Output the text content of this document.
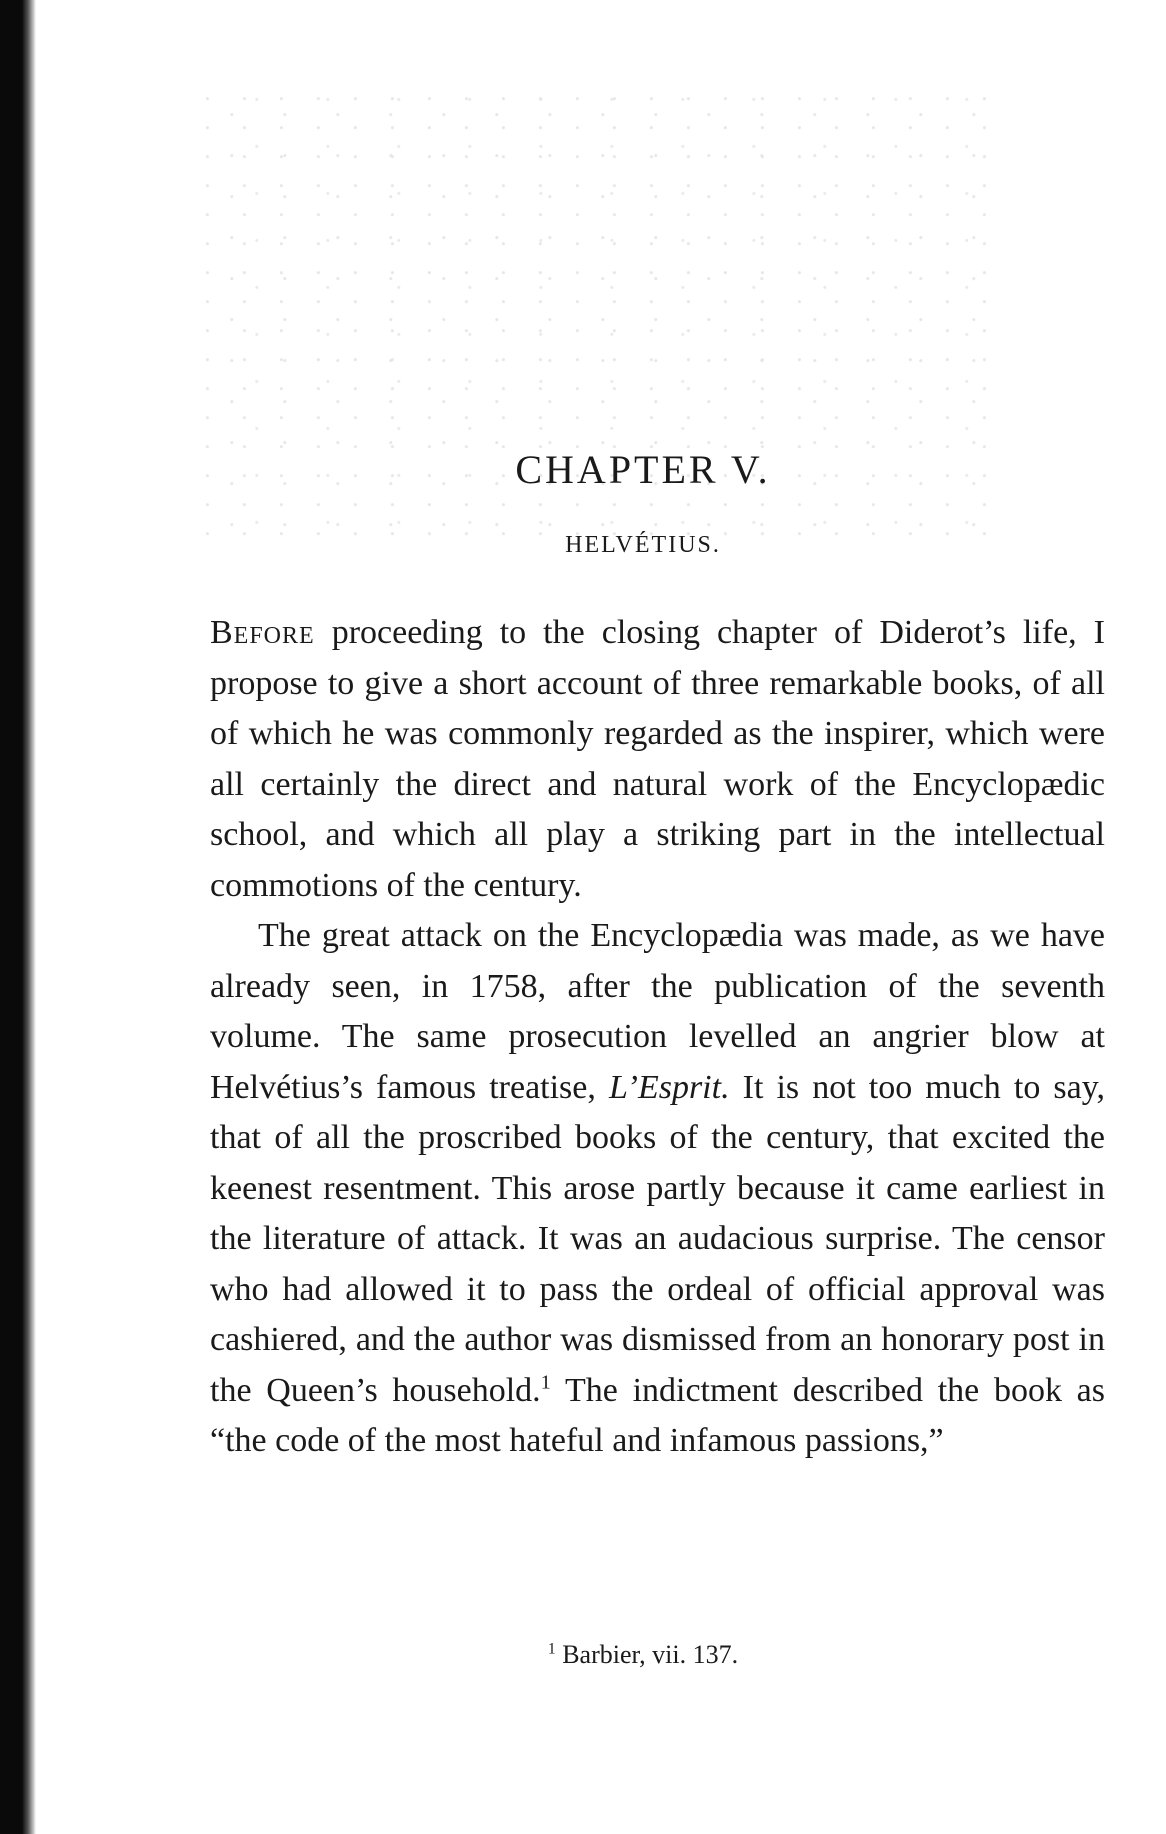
CHAPTER V.
HELVÉTIUS.

Before proceeding to the closing chapter of Diderot’s life, I propose to give a short account of three remarkable books, of all of which he was commonly regarded as the inspirer, which were all certainly the direct and natural work of the Encyclopædic school, and which all play a striking part in the intellectual commotions of the century.

The great attack on the Encyclopædia was made, as we have already seen, in 1758, after the publication of the seventh volume. The same prosecution levelled an angrier blow at Helvétius’s famous treatise, L’Esprit. It is not too much to say, that of all the proscribed books of the century, that excited the keenest resentment. This arose partly because it came earliest in the literature of attack. It was an audacious surprise. The censor who had allowed it to pass the ordeal of official approval was cashiered, and the author was dismissed from an honorary post in the Queen’s household.$^1$ The indictment described the book as “the code of the most hateful and infamous passions,”

$^1$ Barbier, vii. 137.
